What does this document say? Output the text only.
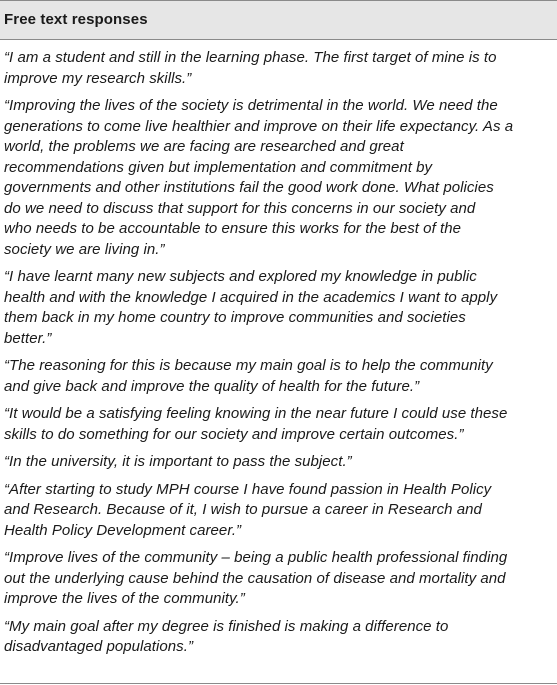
Free text responses
“I am a student and still in the learning phase. The first target of mine is to
improve my research skills.”
“Improving the lives of the society is detrimental in the world. We need the
generations to come live healthier and improve on their life expectancy. As a
world, the problems we are facing are researched and great
recommendations given but implementation and commitment by
governments and other institutions fail the good work done. What policies
do we need to discuss that support for this concerns in our society and
who needs to be accountable to ensure this works for the best of the
society we are living in.”
“I have learnt many new subjects and explored my knowledge in public
health and with the knowledge I acquired in the academics I want to apply
them back in my home country to improve communities and societies
better.”
“The reasoning for this is because my main goal is to help the community
and give back and improve the quality of health for the future.”
“It would be a satisfying feeling knowing in the near future I could use these
skills to do something for our society and improve certain outcomes.”
“In the university, it is important to pass the subject.”
“After starting to study MPH course I have found passion in Health Policy
and Research. Because of it, I wish to pursue a career in Research and
Health Policy Development career.”
“Improve lives of the community – being a public health professional finding
out the underlying cause behind the causation of disease and mortality and
improve the lives of the community.”
“My main goal after my degree is finished is making a difference to
disadvantaged populations.”
